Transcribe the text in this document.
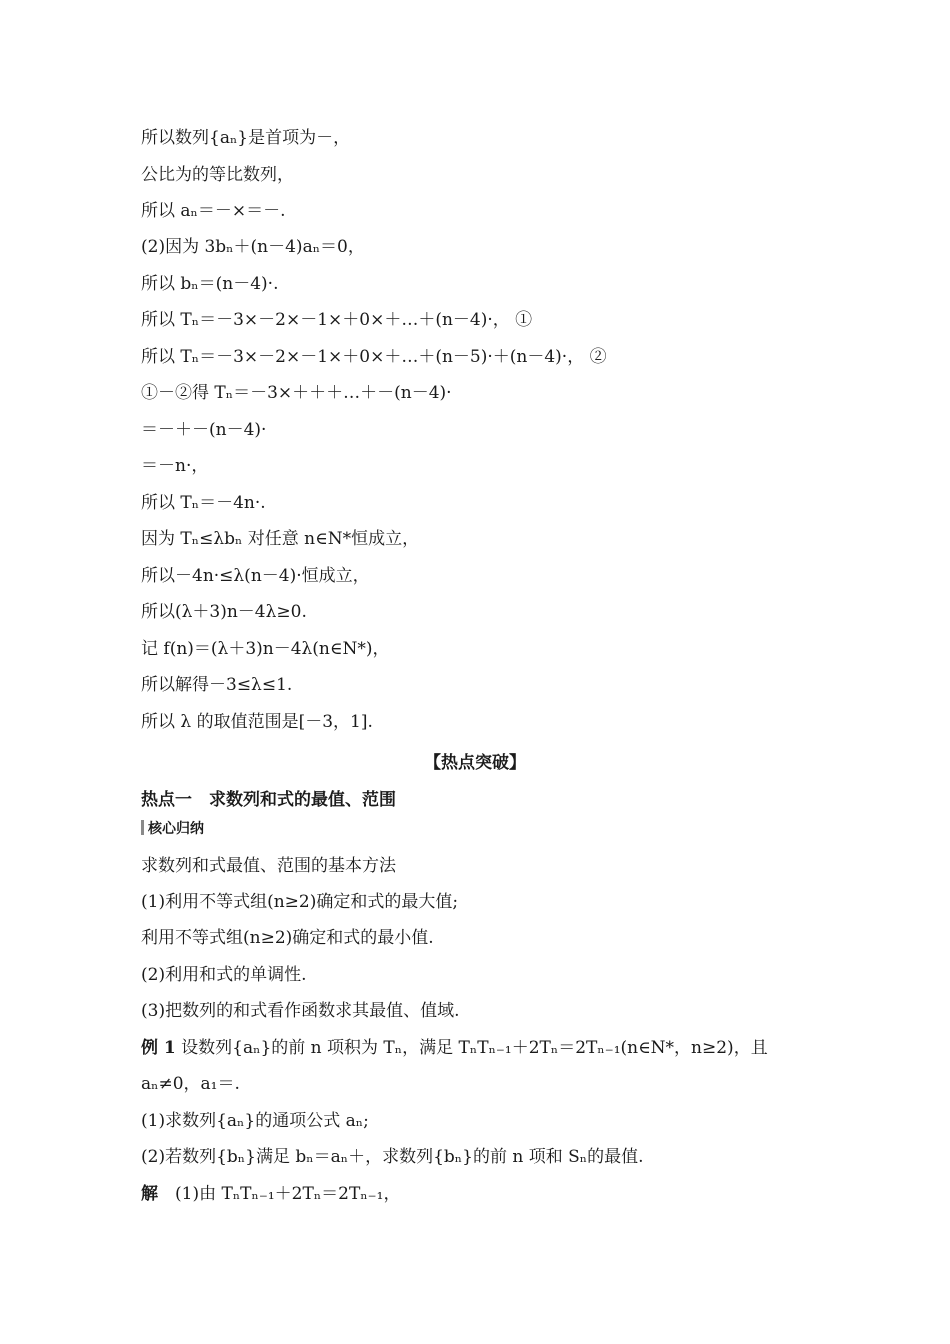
所以数列{aₙ}是首项为－，
公比为的等比数列，
所以 aₙ＝－×＝－.
(2)因为 3bₙ＋(n－4)aₙ＝0，
所以 bₙ＝(n－4)·.
所以 Tₙ＝－3×－2×－1×＋0×＋…＋(n－4)·， ①
所以 Tₙ＝－3×－2×－1×＋0×＋…＋(n－5)·＋(n－4)·， ②
①－②得 Tₙ＝－3×＋＋＋…＋－(n－4)·
＝－＋－(n－4)·
＝－n·，
所以 Tₙ＝－4n·.
因为 Tₙ≤λbₙ 对任意 n∈N*恒成立，
所以－4n·≤λ(n－4)·恒成立，
所以(λ＋3)n－4λ≥0.
记 f(n)＝(λ＋3)n－4λ(n∈N*)，
所以解得－3≤λ≤1.
所以 λ 的取值范围是[－3，1].
【热点突破】
热点一　求数列和式的最值、范围
核心归纳
求数列和式最值、范围的基本方法
(1)利用不等式组(n≥2)确定和式的最大值;
利用不等式组(n≥2)确定和式的最小值.
(2)利用和式的单调性.
(3)把数列的和式看作函数求其最值、值域.
例 1 设数列{aₙ}的前 n 项积为 Tₙ，满足 TₙTₙ₋₁＋2Tₙ＝2Tₙ₋₁(n∈N*，n≥2)，且
aₙ≠0，a₁＝.
(1)求数列{aₙ}的通项公式 aₙ;
(2)若数列{bₙ}满足 bₙ＝aₙ＋，求数列{bₙ}的前 n 项和 Sₙ的最值.
解　(1)由 TₙTₙ₋₁＋2Tₙ＝2Tₙ₋₁，
